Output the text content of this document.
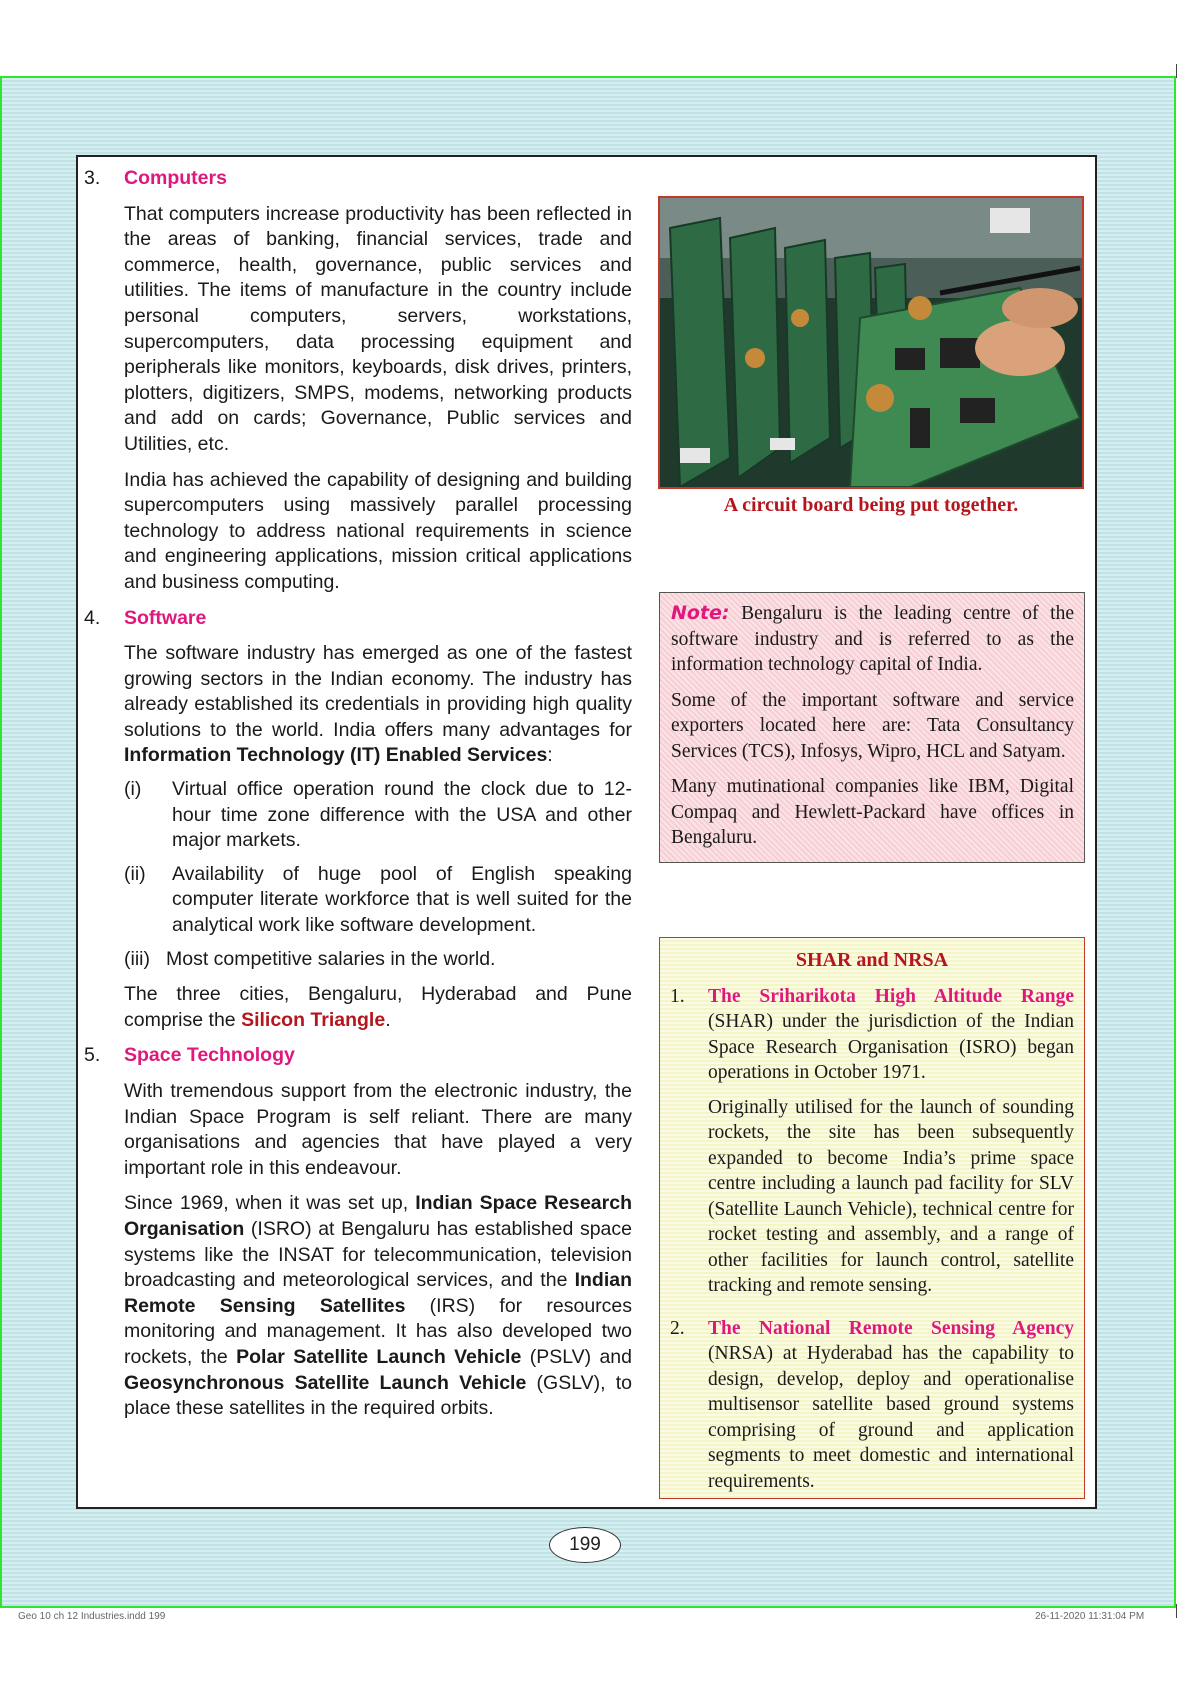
3.	Computers

That computers increase productivity has been reflected in the areas of banking, financial services, trade and commerce, health, governance, public services and utilities. The items of manufacture in the country include personal computers, servers, workstations, supercomputers, data processing equipment and peripherals like monitors, keyboards, disk drives, printers, plotters, digitizers, SMPS, modems, networking products and add on cards; Governance, Public services and Utilities, etc.

India has achieved the capability of designing and building supercomputers using massively parallel processing technology to address national requirements in science and engineering applications, mission critical applications and business computing.

4.	Software

The software industry has emerged as one of the fastest growing sectors in the Indian economy. The industry has already established its credentials in providing high quality solutions to the world. India offers many advantages for Information Technology (IT) Enabled Services:

(i)	Virtual office operation round the clock due to 12-hour time zone difference with the USA and other major markets.
(ii)	Availability of huge pool of English speaking computer literate workforce that is well suited for the analytical work like software development.
(iii) Most competitive salaries in the world.

The three cities, Bengaluru, Hyderabad and Pune comprise the Silicon Triangle.

5.	Space Technology

With tremendous support from the electronic industry, the Indian Space Program is self reliant. There are many organisations and agencies that have played a very important role in this endeavour.

Since 1969, when it was set up, Indian Space Research Organisation (ISRO) at Bengaluru has established space systems like the INSAT for telecommunication, television broadcasting and meteorological services, and the Indian Remote Sensing Satellites (IRS) for resources monitoring and management. It has also developed two rockets, the Polar Satellite Launch Vehicle (PSLV) and Geosynchronous Satellite Launch Vehicle (GSLV), to place these satellites in the required orbits.

A circuit board being put together.

Note: Bengaluru is the leading centre of the software industry and is referred to as the information technology capital of India.

Some of the important software and service exporters located here are: Tata Consultancy Services (TCS), Infosys, Wipro, HCL and Satyam.

Many mutinational companies like IBM, Digital Compaq and Hewlett-Packard have offices in Bengaluru.

SHAR and NRSA
1.	The Sriharikota High Altitude Range (SHAR) under the jurisdiction of the Indian Space Research Organisation (ISRO) began operations in October 1971.

Originally utilised for the launch of sounding rockets, the site has been subsequently expanded to become India’s prime space centre including a launch pad facility for SLV (Satellite Launch Vehicle), technical centre for rocket testing and assembly, and a range of other facilities for launch control, satellite tracking and remote sensing.

2.	The National Remote Sensing Agency (NRSA) at Hyderabad has the capability to design, develop, deploy and operationalise multisensor satellite based ground systems comprising of ground and application segments to meet domestic and international requirements.

199
Geo 10 ch 12 Industries.indd 199	26-11-2020 11:31:04 PM
